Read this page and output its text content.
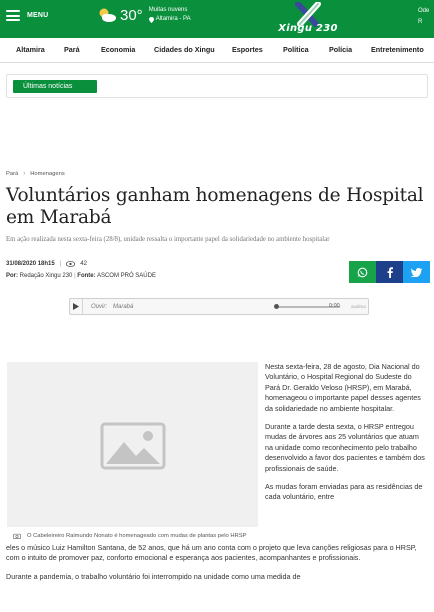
MENU	30° Muitas nuvens
Altamira - PA
Xingu 230
Ode
R
Altamira	Pará	Economia	Cidades do Xingu Esportes	Política	Polícia	Entretenimento
Últimas notícias
Pará › Homenagens
Voluntários ganham homenagens de Hospital em Marabá
Em ação realizada nesta sexta-feira (28/8), unidade ressalta o importante papel da solidariedade no ambiente hospitalar
31/08/2020 18h15 |	42
Por: Redação Xingu 230 | Fonte: ASCOM PRÓ SAÚDE
Ouvir: Marabá	0:00	audima
O Cabeleireiro Raimundo Nonato é homenageado com mudas de plantas pelo HRSP

Nesta sexta-feira, 28 de agosto, Dia Nacional do Voluntário, o Hospital Regional do Sudeste do Pará Dr. Geraldo Veloso (HRSP), em Marabá, homenageou o importante papel desses agentes da solidariedade no ambiente hospitalar.

Durante a tarde desta sexta, o HRSP entregou mudas de árvores aos 25 voluntários que atuam na unidade como reconhecimento pelo trabalho desenvolvido a favor dos pacientes e também dos profissionais de saúde.

As mudas foram enviadas para as residências de cada voluntário, entre

eles o músico Luiz Hamilton Santana, de 52 anos, que há um ano conta com o projeto que leva canções religiosas para o HRSP, com o intuito de promover paz, conforto emocional e esperança aos pacientes, acompanhantes e profissionais.

Durante a pandemia, o trabalho voluntário foi interrompido na unidade como uma medida de
